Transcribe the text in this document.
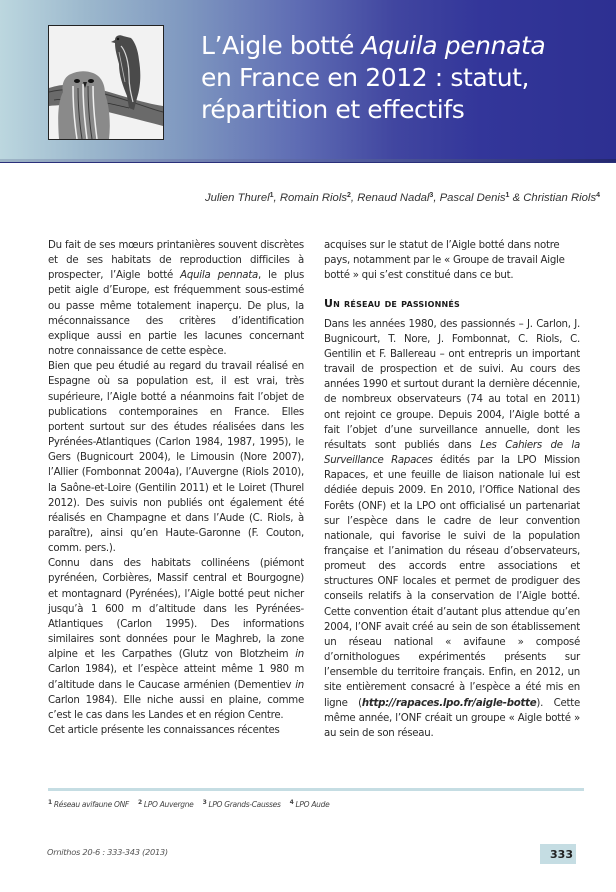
L’Aigle botté Aquila pennata
en France en 2012 : statut,
répartition et effectifs
Julien Thurel$^1$, Romain Riols$^2$, Renaud Nadal$^3$, Pascal Denis$^1$ & Christian Riols$^4$

Du fait de ses mœurs printanières souvent discrètes et de ses habitats de reproduction difficiles à prospecter, l’Aigle botté Aquila pennata, le plus petit aigle d’Europe, est fréquemment sous-estimé ou passe même totalement inaperçu. De plus, la méconnaissance des critères d’identification explique aussi en partie les lacunes concernant notre connaissance de cette espèce.

Bien que peu étudié au regard du travail réalisé en Espagne où sa population est, il est vrai, très supérieure, l’Aigle botté a néanmoins fait l’objet de publications contemporaines en France. Elles portent surtout sur des études réalisées dans les Pyrénées-Atlantiques (Carlon 1984, 1987, 1995), le Gers (Bugnicourt 2004), le Limousin (Nore 2007), l’Allier (Fombonnat 2004a), l’Auvergne (Riols 2010), la Saône-et-Loire (Gentilin 2011) et le Loiret (Thurel 2012). Des suivis non publiés ont également été réalisés en Champagne et dans l’Aude (C. Riols, à paraître), ainsi qu’en Haute-Garonne (F. Couton, comm. pers.).

Connu dans des habitats collinéens (piémont pyrénéen, Corbières, Massif central et Bourgogne) et montagnard (Pyrénées), l’Aigle botté peut nicher jusqu’à 1 600 m d’altitude dans les Pyrénées-Atlantiques (Carlon 1995). Des informations similaires sont données pour le Maghreb, la zone alpine et les Carpathes (Glutz von Blotzheim in Carlon 1984), et l’espèce atteint même 1 980 m d’altitude dans le Caucase arménien (Dementiev in Carlon 1984). Elle niche aussi en plaine, comme c’est le cas dans les Landes et en région Centre.

Cet article présente les connaissances récentes

acquises sur le statut de l’Aigle botté dans notre pays, notamment par le « Groupe de travail Aigle botté » qui s’est constitué dans ce but.

Un réseau de passionnés

Dans les années 1980, des passionnés – J. Carlon, J. Bugnicourt, T. Nore, J. Fombonnat, C. Riols, C. Gentilin et F. Ballereau – ont entrepris un important travail de prospection et de suivi. Au cours des années 1990 et surtout durant la dernière décennie, de nombreux observateurs (74 au total en 2011) ont rejoint ce groupe. Depuis 2004, l’Aigle botté a fait l’objet d’une surveillance annuelle, dont les résultats sont publiés dans Les Cahiers de la Surveillance Rapaces édités par la LPO Mission Rapaces, et une feuille de liaison nationale lui est dédiée depuis 2009. En 2010, l’Office National des Forêts (ONF) et la LPO ont officialisé un partenariat sur l’espèce dans le cadre de leur convention nationale, qui favorise le suivi de la population française et l’animation du réseau d’observateurs, promeut des accords entre associations et structures ONF locales et permet de prodiguer des conseils relatifs à la conservation de l’Aigle botté. Cette convention était d’autant plus attendue qu’en 2004, l’ONF avait créé au sein de son établissement un réseau national « avifaune » composé d’ornithologues expérimentés présents sur l’ensemble du territoire français. Enfin, en 2012, un site entièrement consacré à l’espèce a été mis en ligne (http://rapaces.lpo.fr/aigle-botte). Cette même année, l’ONF créait un groupe « Aigle botté » au sein de son réseau.

$^1$ Réseau avifaune ONF $^2$ LPO Auvergne $^3$ LPO Grands-Causses $^4$ LPO Aude
Ornithos 20-6 : 333-343 (2013)	333
